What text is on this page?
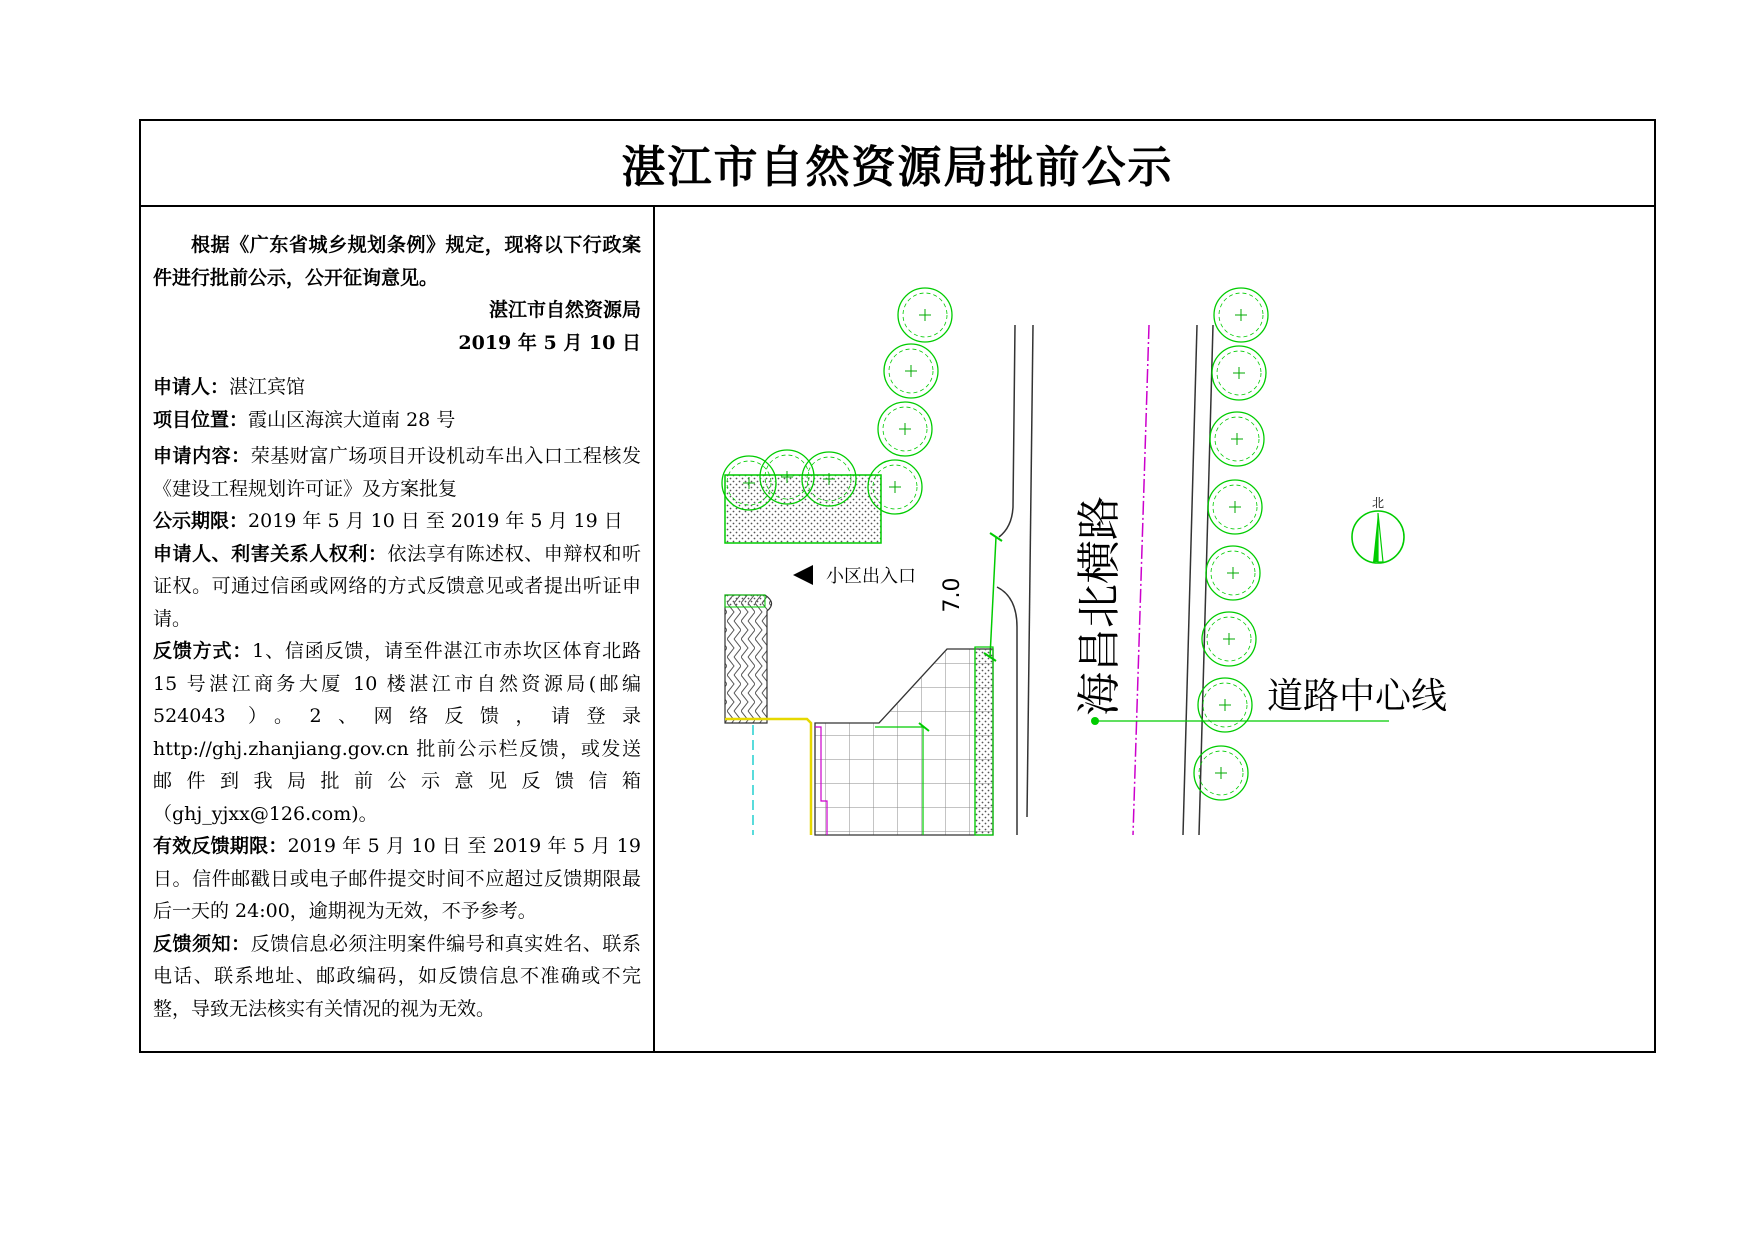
湛江市自然资源局批前公示

根据《广东省城乡规划条例》规定，现将以下行政案件进行批前公示，公开征询意见。

湛江市自然资源局

2019 年 5 月 10 日

申请人：湛江宾馆

项目位置：霞山区海滨大道南 28 号

申请内容：荣基财富广场项目开设机动车出入口工程核发《建设工程规划许可证》及方案批复

公示期限：2019 年 5 月 10 日 至 2019 年 5 月 19 日

申请人、利害关系人权利：依法享有陈述权、申辩权和听证权。可通过信函或网络的方式反馈意见或者提出听证申请。

反馈方式：1、信函反馈，请至件湛江市赤坎区体育北路 15 号湛江商务大厦 10 楼湛江市自然资源局(邮编 524043 ）。2、网络反馈，请登录 http://ghj.zhanjiang.gov.cn 批前公示栏反馈，或发送邮件到我局批前公示意见反馈信箱（ghj_yjxx@126.com)。

有效反馈期限：2019 年 5 月 10 日 至 2019 年 5 月 19 日。信件邮戳日或电子邮件提交时间不应超过反馈期限最后一天的 24:00，逾期视为无效，不予参考。

反馈须知：反馈信息必须注明案件编号和真实姓名、联系电话、联系地址、邮政编码，如反馈信息不准确或不完整，导致无法核实有关情况的视为无效。

小区出入口
7.0 海昌北横路	道路中心线
北
